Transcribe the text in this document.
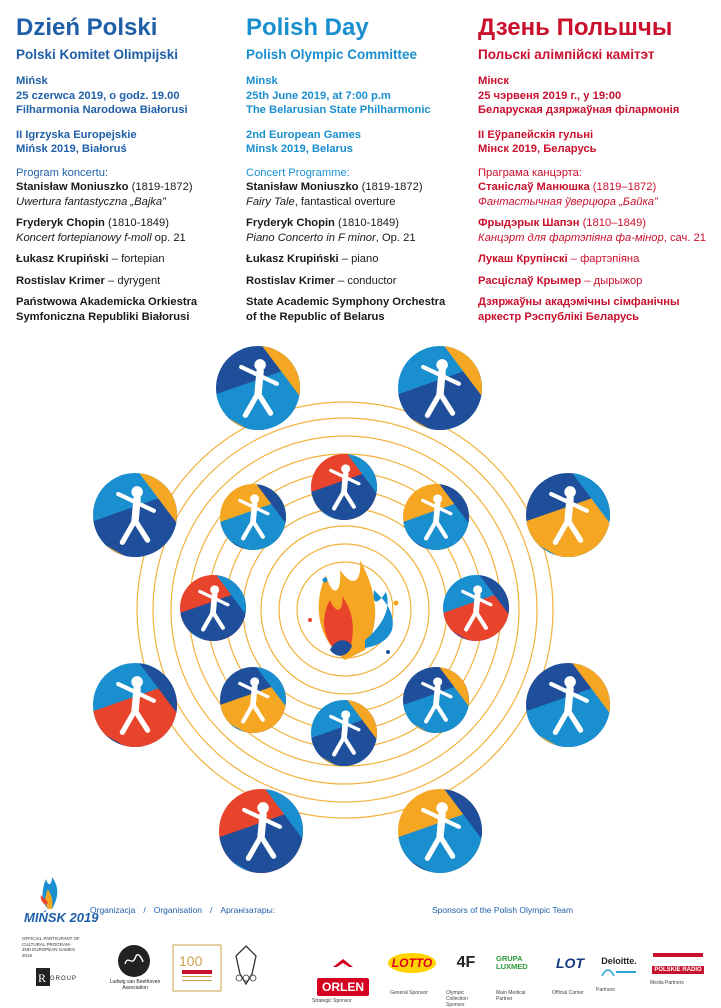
Dzień Polski
Polski Komitet Olimpijski
Mińsk
25 czerwca 2019, o godz. 19.00
Filharmonia Narodowa Białorusi
II Igrzyska Europejskie
Mińsk 2019, Białoruś
Program koncertu:
Stanisław Moniuszko (1819-1872)
Uwertura fantastyczna „Bajka”
Fryderyk Chopin (1810-1849)
Koncert fortepianowy f-moll op. 21
Łukasz Krupiński – fortepian
Rostislav Krimer – dyrygent
Państwowa Akademicka Orkiestra
Symfoniczna Republiki Białorusi
Polish Day
Polish Olympic Committee
Minsk
25th June 2019, at 7:00 p.m
The Belarusian State Philharmonic
2nd European Games
Minsk 2019, Belarus
Concert Programme:
Stanisław Moniuszko (1819-1872)
Fairy Tale, fantastical overture
Fryderyk Chopin (1810-1849)
Piano Concerto in F minor, Op. 21
Łukasz Krupiński – piano
Rostislav Krimer – conductor
State Academic Symphony Orchestra
of the Republic of Belarus
Дзень Польшчы
Польскі алімпійскі камітэт
Мінск
25 чэрвеня 2019 г., у 19:00
Беларуская дзяржаўная філармонія
II Еўрапейскія гульні
Мінск 2019, Беларусь
Праграма канцэрта:
Станіслаў Манюшка (1819–1872)
Фантастычная ўверцюра „Байка”
Фрыдэрык Шапэн (1810–1849)
Канцэрт для фартэпіяна фа-мінор, сач. 21
Лукаш Крупінскі – фартэпіяна
Расціслаў Крымер – дырыжор
Дзяржаўны акадэмічны сімфанічны
аркестр Рэспублікі Беларусь
MIŃSK 2019
OFFICIAL PARTICIPANT OF CULTURAL PROGRAM · 2ND EUROPEAN GAMES 2019
Organizacja / Organisation / Арганізатары:	Sponsors of the Polish Olympic Team
R GROUP	Ludwig van Beethoven Association
100
ORLEN
Strategic Sponsor
LOTTO
General Sponsor
4F
Olympic Collection Sponsor
GRUPA LUXMED
Main Medical Partner
LOT
Official Carrier
Deloitte.
Partners
POLSKIE RADIO
Media Partners
